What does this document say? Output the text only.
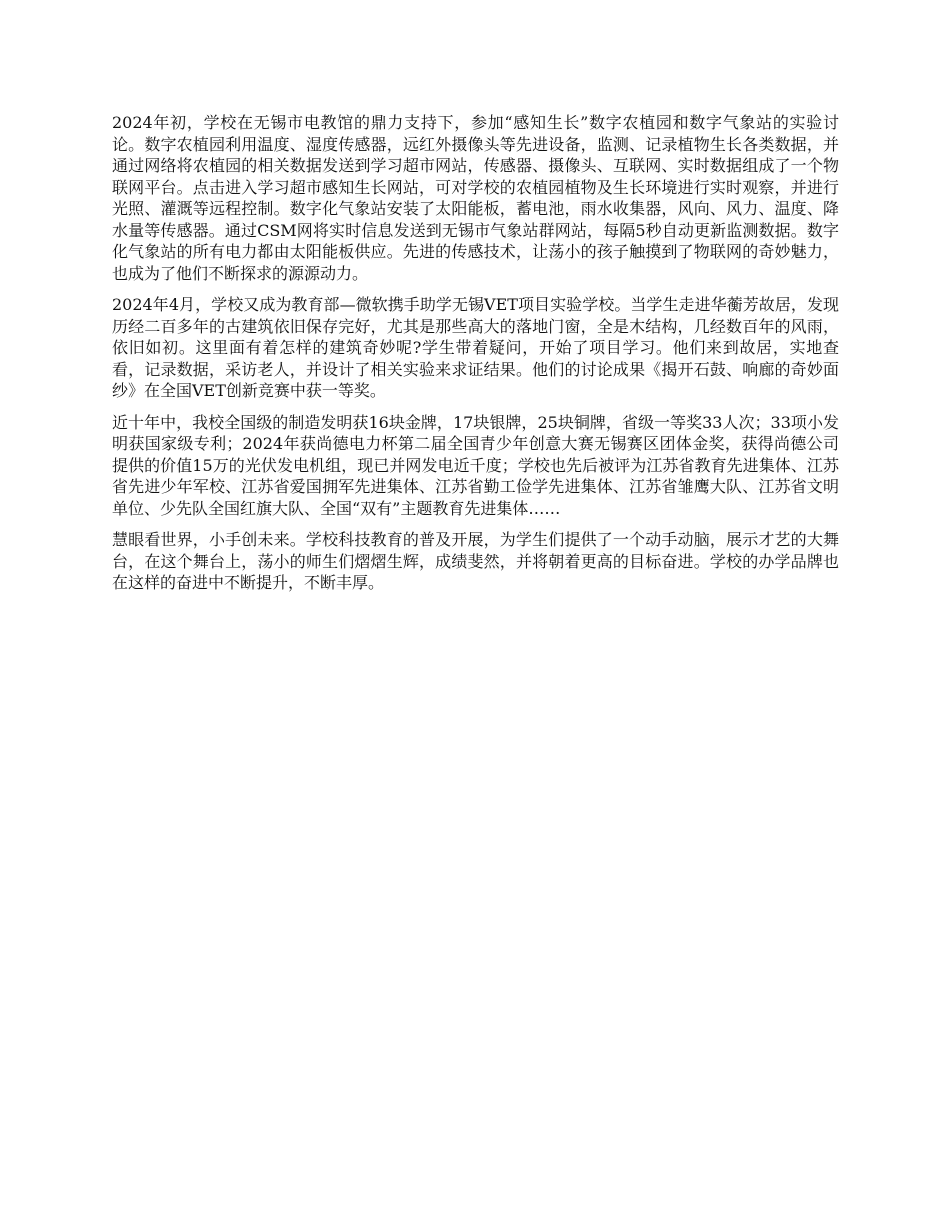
2024年初，学校在无锡市电教馆的鼎力支持下，参加“感知生长”数字农植园和数字气象站的实验讨论。数字农植园利用温度、湿度传感器，远红外摄像头等先进设备，监测、记录植物生长各类数据，并通过网络将农植园的相关数据发送到学习超市网站，传感器、摄像头、互联网、实时数据组成了一个物联网平台。点击进入学习超市感知生长网站，可对学校的农植园植物及生长环境进行实时观察，并进行光照、灌溉等远程控制。数字化气象站安装了太阳能板，蓄电池，雨水收集器，风向、风力、温度、降水量等传感器。通过CSM网将实时信息发送到无锡市气象站群网站，每隔5秒自动更新监测数据。数字化气象站的所有电力都由太阳能板供应。先进的传感技术，让荡小的孩子触摸到了物联网的奇妙魅力，也成为了他们不断探求的源源动力。

2024年4月，学校又成为教育部—微软携手助学无锡VET项目实验学校。当学生走进华蘅芳故居，发现历经二百多年的古建筑依旧保存完好，尤其是那些高大的落地门窗，全是木结构，几经数百年的风雨，依旧如初。这里面有着怎样的建筑奇妙呢?学生带着疑问，开始了项目学习。他们来到故居，实地查看，记录数据，采访老人，并设计了相关实验来求证结果。他们的讨论成果《揭开石鼓、响廊的奇妙面纱》在全国VET创新竞赛中获一等奖。

近十年中，我校全国级的制造发明获16块金牌，17块银牌，25块铜牌，省级一等奖33人次；33项小发明获国家级专利；2024年获尚德电力杯第二届全国青少年创意大赛无锡赛区团体金奖，获得尚德公司提供的价值15万的光伏发电机组，现已并网发电近千度；学校也先后被评为江苏省教育先进集体、江苏省先进少年军校、江苏省爱国拥军先进集体、江苏省勤工俭学先进集体、江苏省雏鹰大队、江苏省文明单位、少先队全国红旗大队、全国“双有”主题教育先进集体……

慧眼看世界，小手创未来。学校科技教育的普及开展，为学生们提供了一个动手动脑，展示才艺的大舞台，在这个舞台上，荡小的师生们熠熠生辉，成绩斐然，并将朝着更高的目标奋进。学校的办学品牌也在这样的奋进中不断提升，不断丰厚。
